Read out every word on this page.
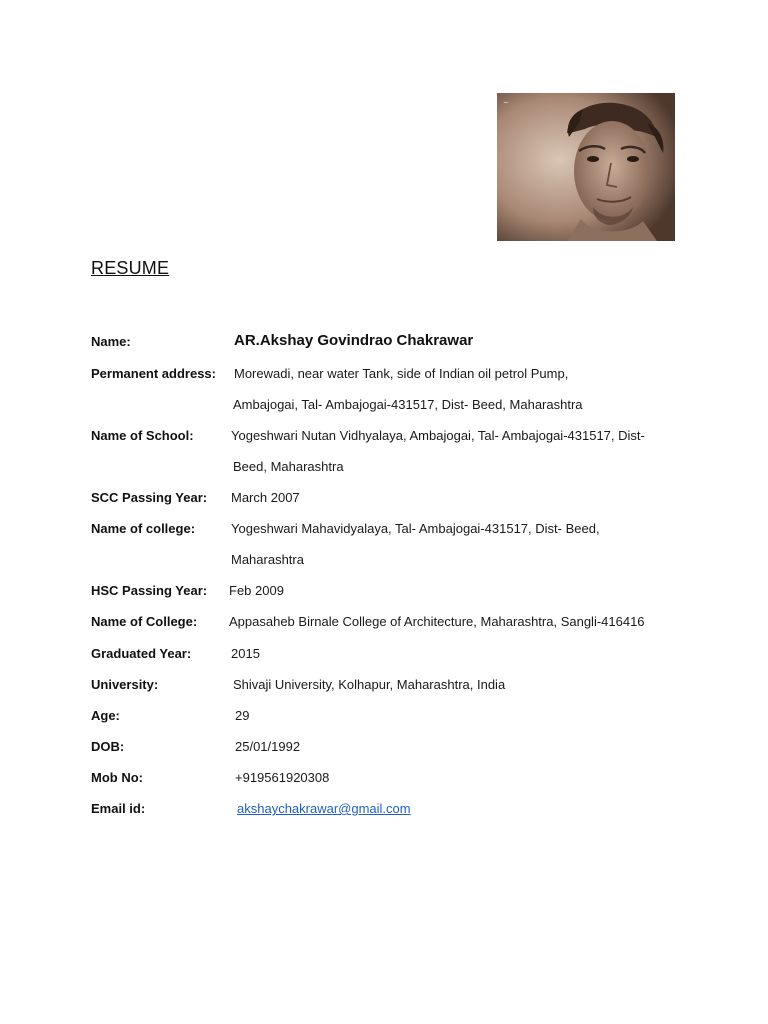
~
RESUME
Name:	AR.Akshay Govindrao Chakrawar
Permanent address: Morewadi, near water Tank, side of Indian oil petrol Pump,
Ambajogai, Tal- Ambajogai-431517, Dist- Beed, Maharashtra
Name of School:	Yogeshwari Nutan Vidhyalaya, Ambajogai, Tal- Ambajogai-431517, Dist-
Beed, Maharashtra
SCC Passing Year: March 2007
Name of college:	Yogeshwari Mahavidyalaya, Tal- Ambajogai-431517, Dist- Beed,
Maharashtra
HSC Passing Year: Feb 2009
Name of College: Appasaheb Birnale College of Architecture, Maharashtra, Sangli-416416
Graduated Year:	2015
University:	Shivaji University, Kolhapur, Maharashtra, India
Age:	29
DOB:	25/01/1992
Mob No:	+919561920308
Email id:	akshaychakrawar@gmail.com
